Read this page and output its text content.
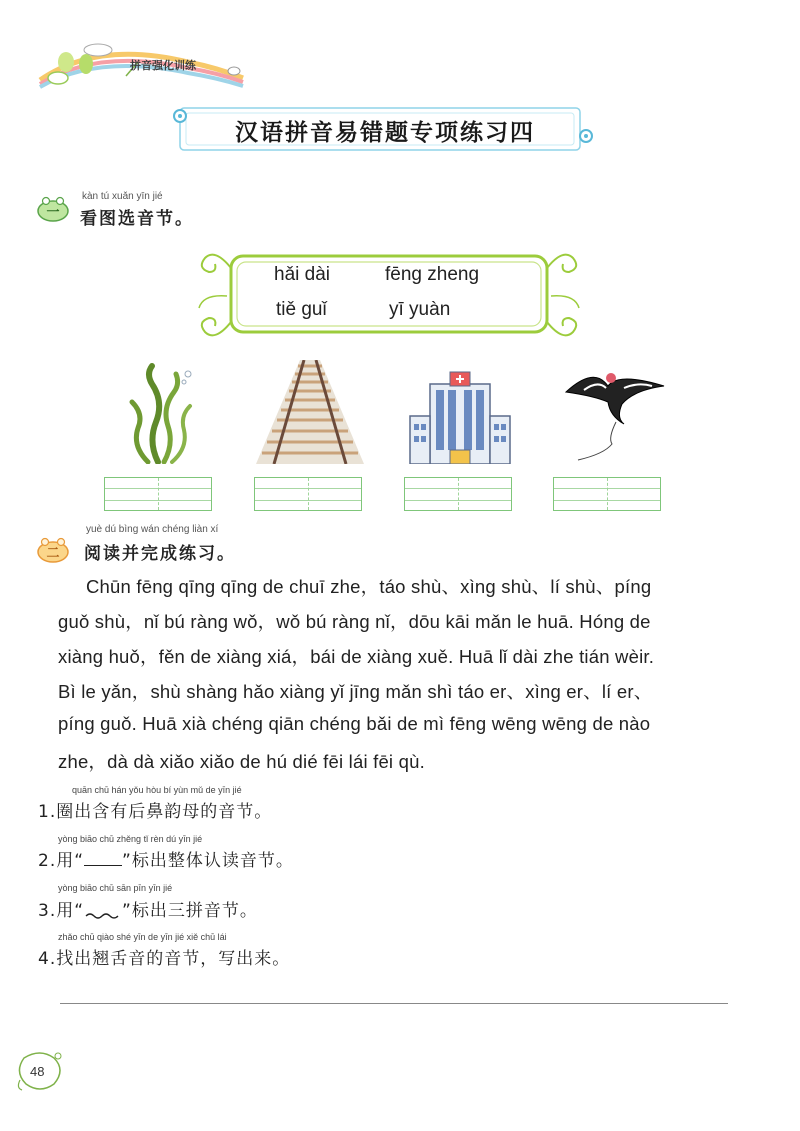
拼音强化训练
汉语拼音易错题专项练习四
一
kàn tú xuǎn yīn jié
看图选音节。
hǎi dài	fēng zheng
tiě guǐ	yī yuàn
二
yuè dú bìng wán chéng liàn xí
阅读并完成练习。
Chūn fēng qīng qīng de chuī zhe，táo shù、xìng shù、lí shù、píng
guǒ shù，nǐ bú ràng wǒ，wǒ bú ràng nǐ，dōu kāi mǎn le huā. Hóng de
xiàng huǒ，fěn de xiàng xiá，bái de xiàng xuě. Huā lǐ dài zhe tián wèir.
Bì le yǎn，shù shàng hǎo xiàng yǐ jīng mǎn shì táo er、xìng er、lí er、
píng guǒ. Huā xià chéng qiān chéng bǎi de mì fēng wēng wēng de nào
zhe，dà dà xiǎo xiǎo de hú dié fēi lái fēi qù.
quān chū hán yǒu hòu bí yùn mǔ de yīn jié
1.圈出含有后鼻韵母的音节。
yòng biāo chū zhěng tǐ rèn dú yīn jié
2.用“ ”标出整体认读音节。
yòng biāo chū sān pīn yīn jié
3.用“ ”标出三拼音节。
zhǎo chū qiào shé yīn de yīn jié xiě chū lái
4.找出翘舌音的音节，写出来。
48
